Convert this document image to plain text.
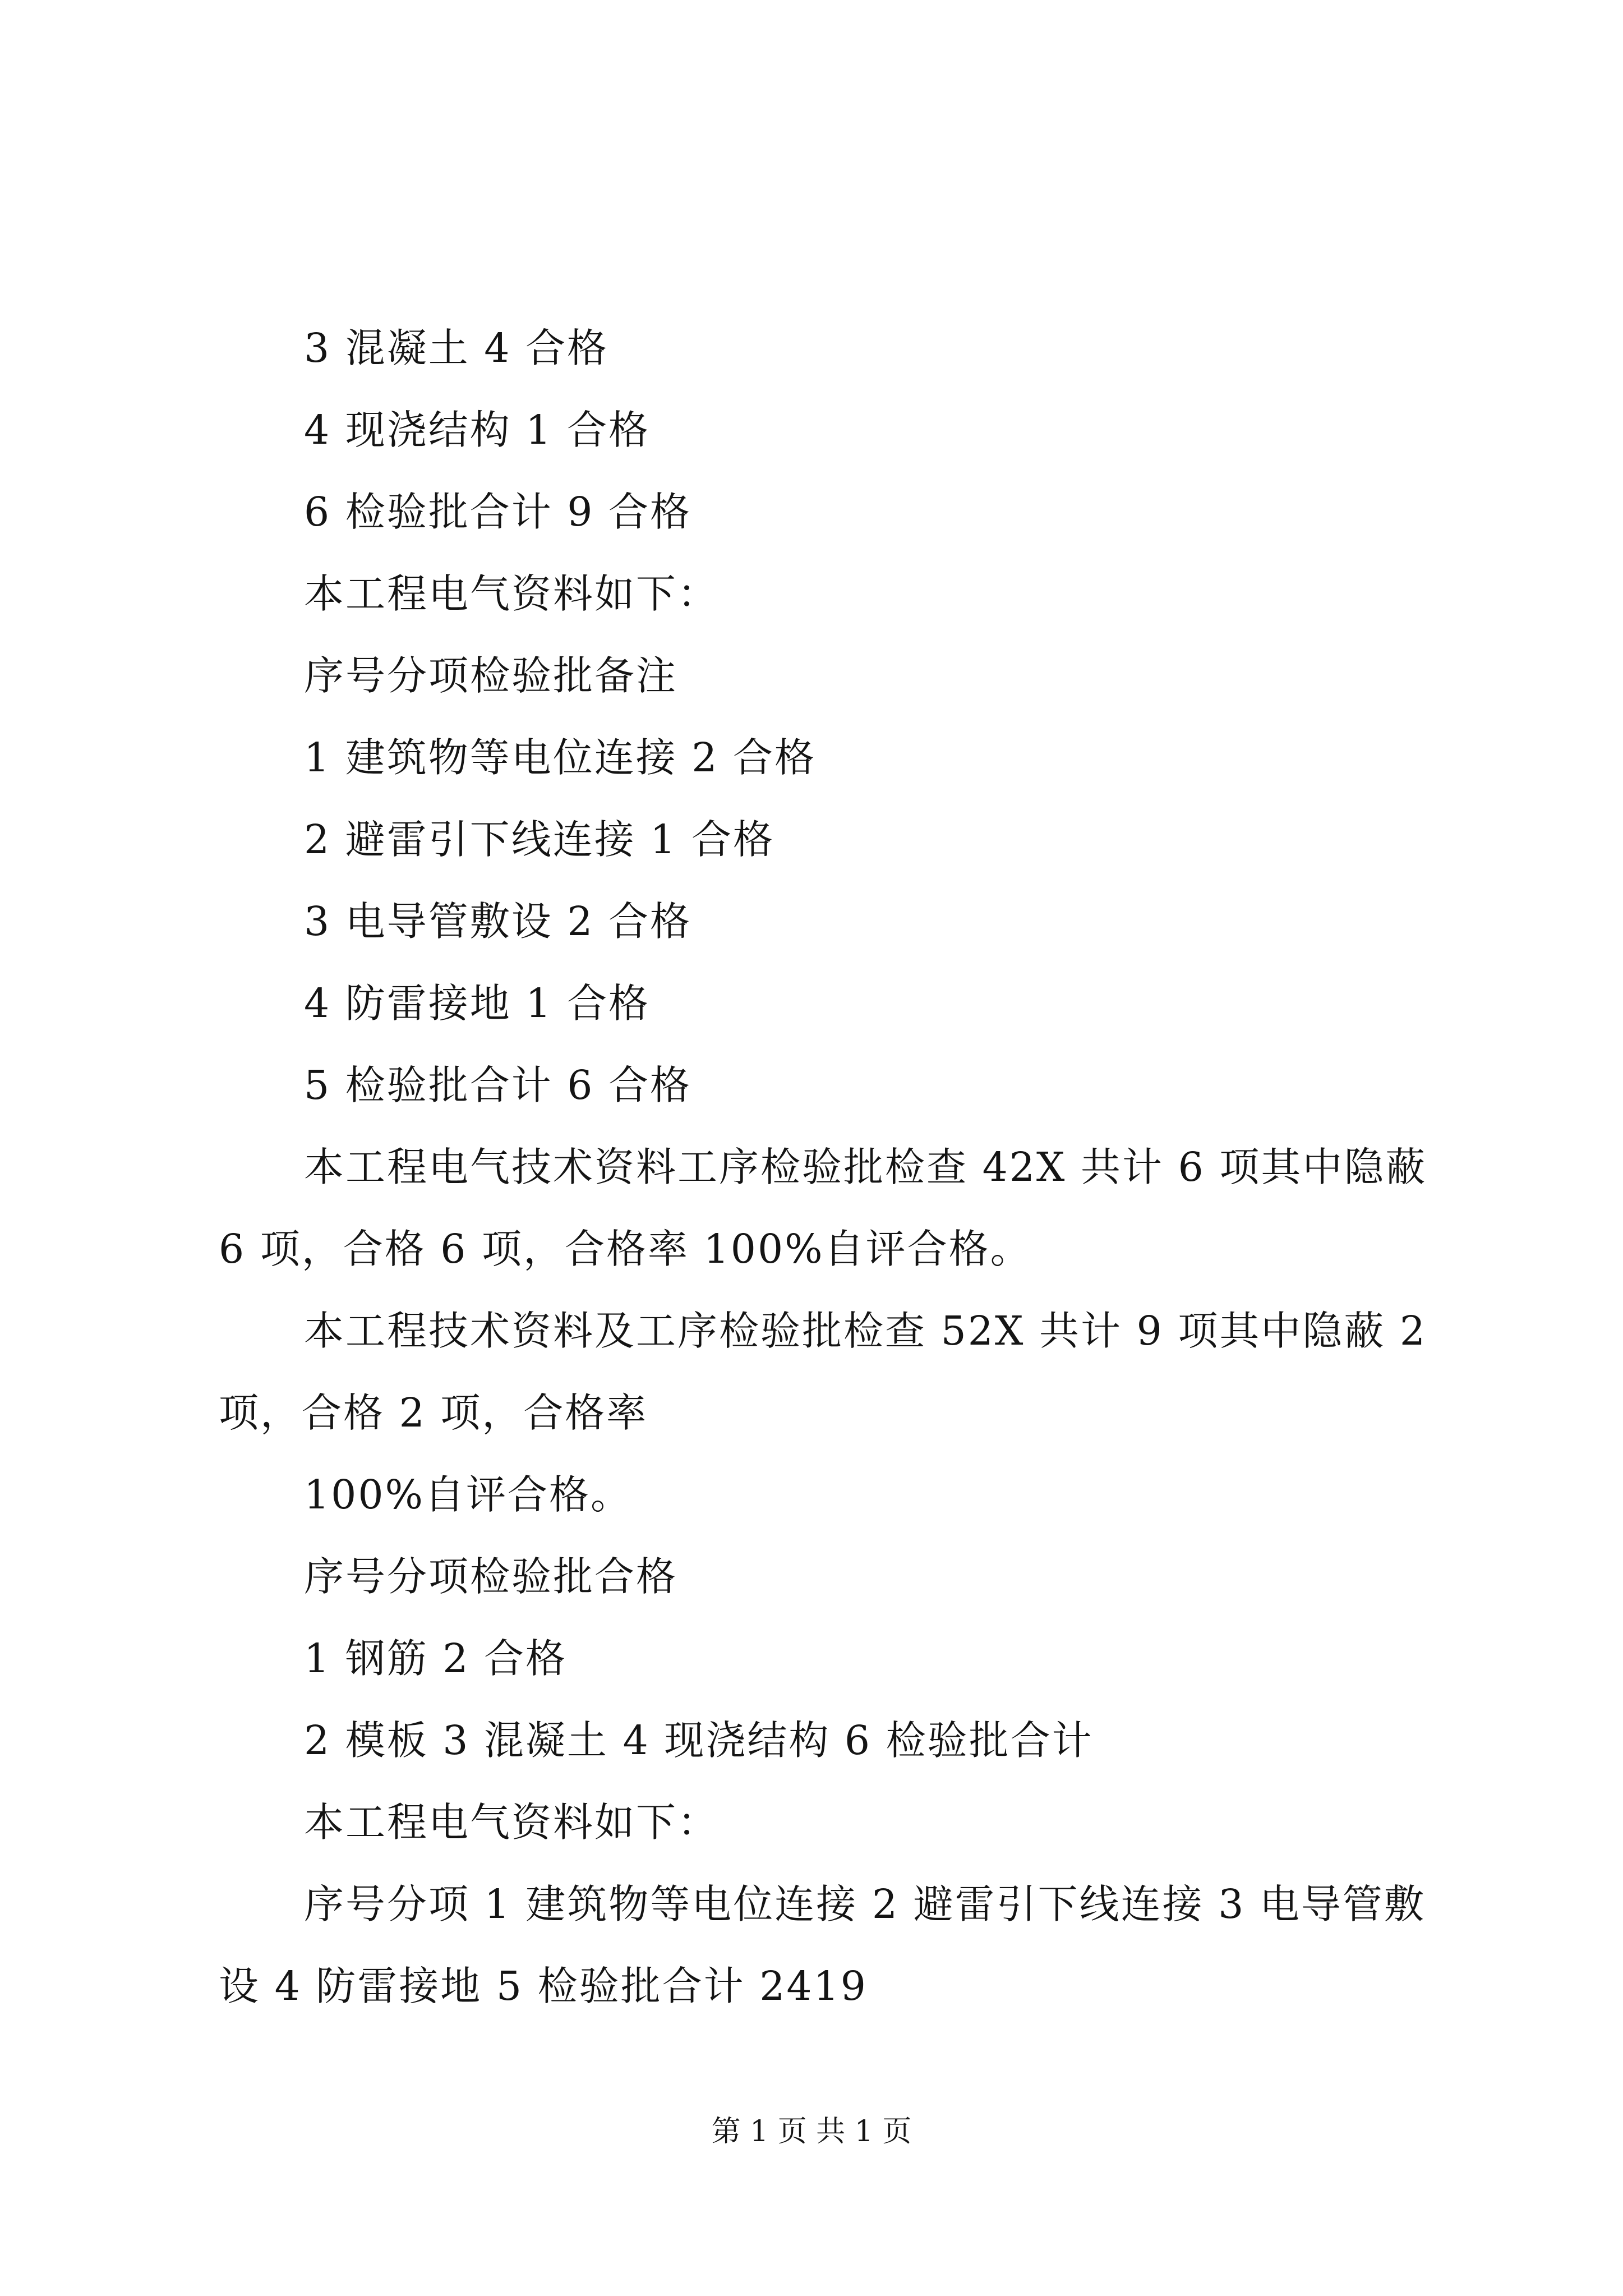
3 混凝土 4 合格

4 现浇结构 1 合格

6 检验批合计 9 合格

本工程电气资料如下：

序号分项检验批备注

1 建筑物等电位连接 2 合格

2 避雷引下线连接 1 合格

3 电导管敷设 2 合格

4 防雷接地 1 合格

5 检验批合计 6 合格

本工程电气技术资料工序检验批检查 42X 共计 6 项其中隐蔽 6 项，合格 6 项，合格率 100%自评合格。

本工程技术资料及工序检验批检查 52X 共计 9 项其中隐蔽 2 项，合格 2 项，合格率

100%自评合格。

序号分项检验批合格

1 钢筋 2 合格

2 模板 3 混凝土 4 现浇结构 6 检验批合计

本工程电气资料如下：

序号分项 1 建筑物等电位连接 2 避雷引下线连接 3 电导管敷设 4 防雷接地 5 检验批合计 2419

第 1 页 共 1 页
